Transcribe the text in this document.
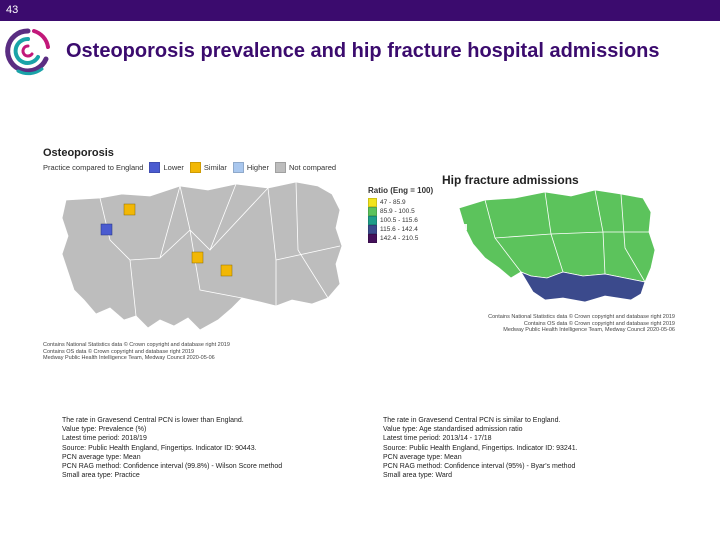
43
Osteoporosis prevalence and hip fracture hospital admissions
Osteoporosis
Practice compared to England	Lower	Similar	Higher	Not compared
Contains National Statistics data © Crown copyright and database right 2019
Contains OS data © Crown copyright and database right 2019
Medway Public Health Intelligence Team, Medway Council 2020-05-06
Hip fracture admissions
Ratio (Eng = 100)
47 - 85.9
85.9 - 100.5
100.5 - 115.6
115.6 - 142.4
142.4 - 210.5
Contains National Statistics data © Crown copyright and database right 2019
Contains OS data © Crown copyright and database right 2019
Medway Public Health Intelligence Team, Medway Council 2020-05-06
The rate in Gravesend Central PCN is lower than England.
Value type: Prevalence (%)
Latest time period: 2018/19
Source: Public Health England, Fingertips. Indicator ID: 90443.
PCN average type: Mean
PCN RAG method: Confidence interval (99.8%) - Wilson Score method
Small area type: Practice
The rate in Gravesend Central PCN is similar to England.
Value type: Age standardised admission ratio
Latest time period: 2013/14 - 17/18
Source: Public Health England, Fingertips. Indicator ID: 93241.
PCN average type: Mean
PCN RAG method: Confidence interval (95%) - Byar's method
Small area type: Ward
